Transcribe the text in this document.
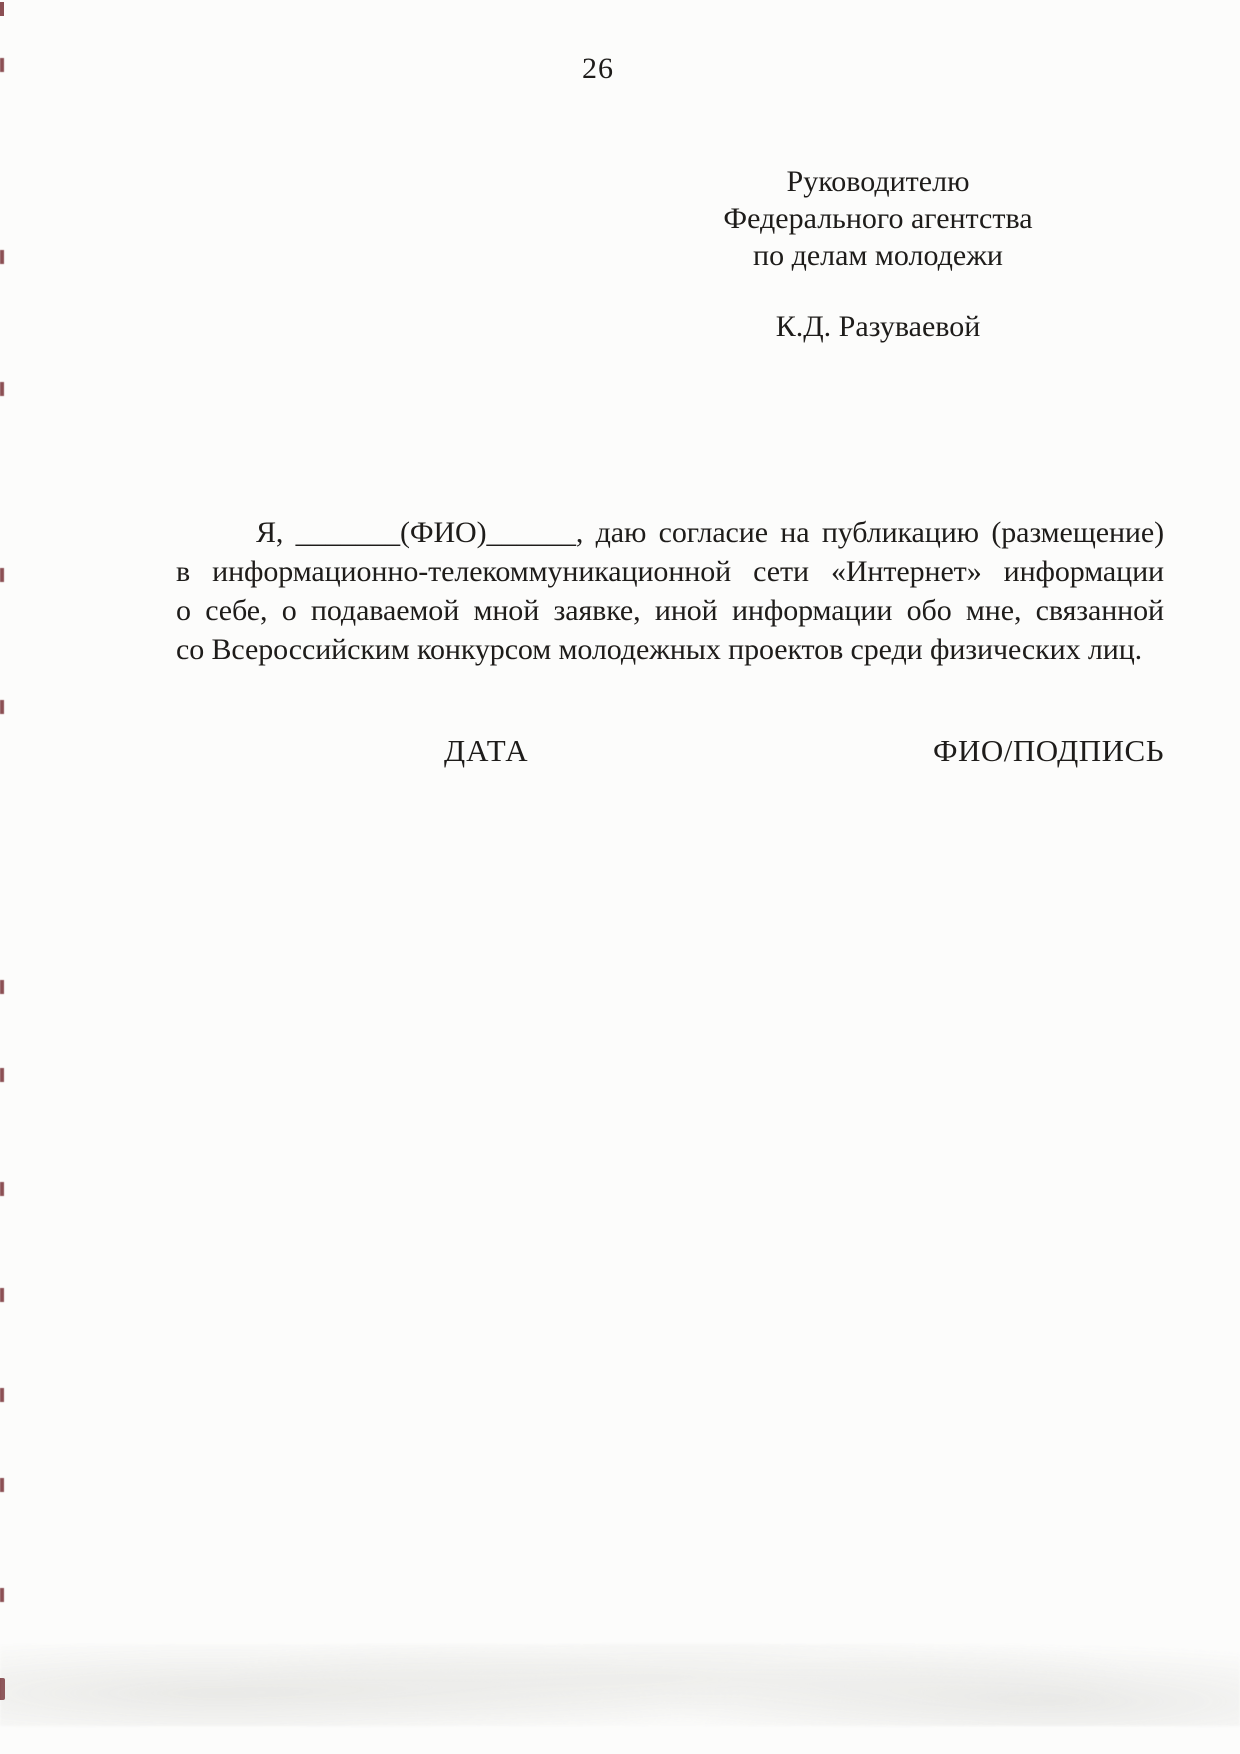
26
Руководителю
Федерального агентства
по делам молодежи
К.Д. Разуваевой
Я, _______(ФИО)______, даю согласие на публикацию (размещение)
в информационно-телекоммуникационной сети «Интернет» информации
о себе, о подаваемой мной заявке, иной информации обо мне, связанной
со Всероссийским конкурсом молодежных проектов среди физических лиц.
ДАТА	ФИО/ПОДПИСЬ
